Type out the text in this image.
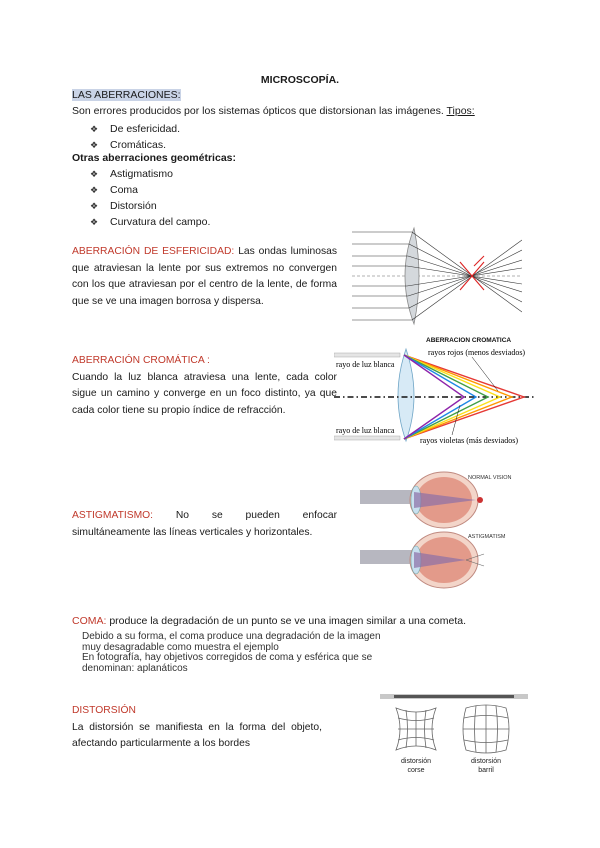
MICROSCOPÍA.
LAS ABERRACIONES:
Son errores producidos por los sistemas ópticos que distorsionan las imágenes. Tipos:
❖	De esfericidad.
❖	Cromáticas.
Otras aberraciones geométricas:
❖	Astigmatismo
❖	Coma
❖	Distorsión
❖	Curvatura del campo.

ABERRACIÓN DE ESFERICIDAD: Las ondas luminosas que atraviesan la lente por sus extremos no convergen con los que atraviesan por el centro de la lente, de forma que se ve una imagen borrosa y dispersa.

ABERRACIÓN CROMÁTICA :

Cuando la luz blanca atraviesa una lente, cada color sigue un camino y converge en un foco distinto, ya que cada color tiene su propio índice de refracción.

ABERRACION CROMATICA
rayos rojos (menos desviados)
rayo de luz blanca
rayo de luz blanca
rayos violetas (más desviados)

ASTIGMATISMO: No se pueden enfocar simultáneamente las líneas verticales y horizontales.

NORMAL VISION
ASTIGMATISM
COMA: produce la degradación de un punto se ve una imagen similar a una cometa.
Debido a su forma, el coma produce una degradación de la imagen
muy desagradable como muestra el ejemplo
En fotografía, hay objetivos corregidos de coma y esférica que se
denominan: aplanáticos

DISTORSIÓN

La distorsión se manifiesta en la forma del objeto, afectando particularmente a los bordes

distorsión
corse
distorsión
barril
